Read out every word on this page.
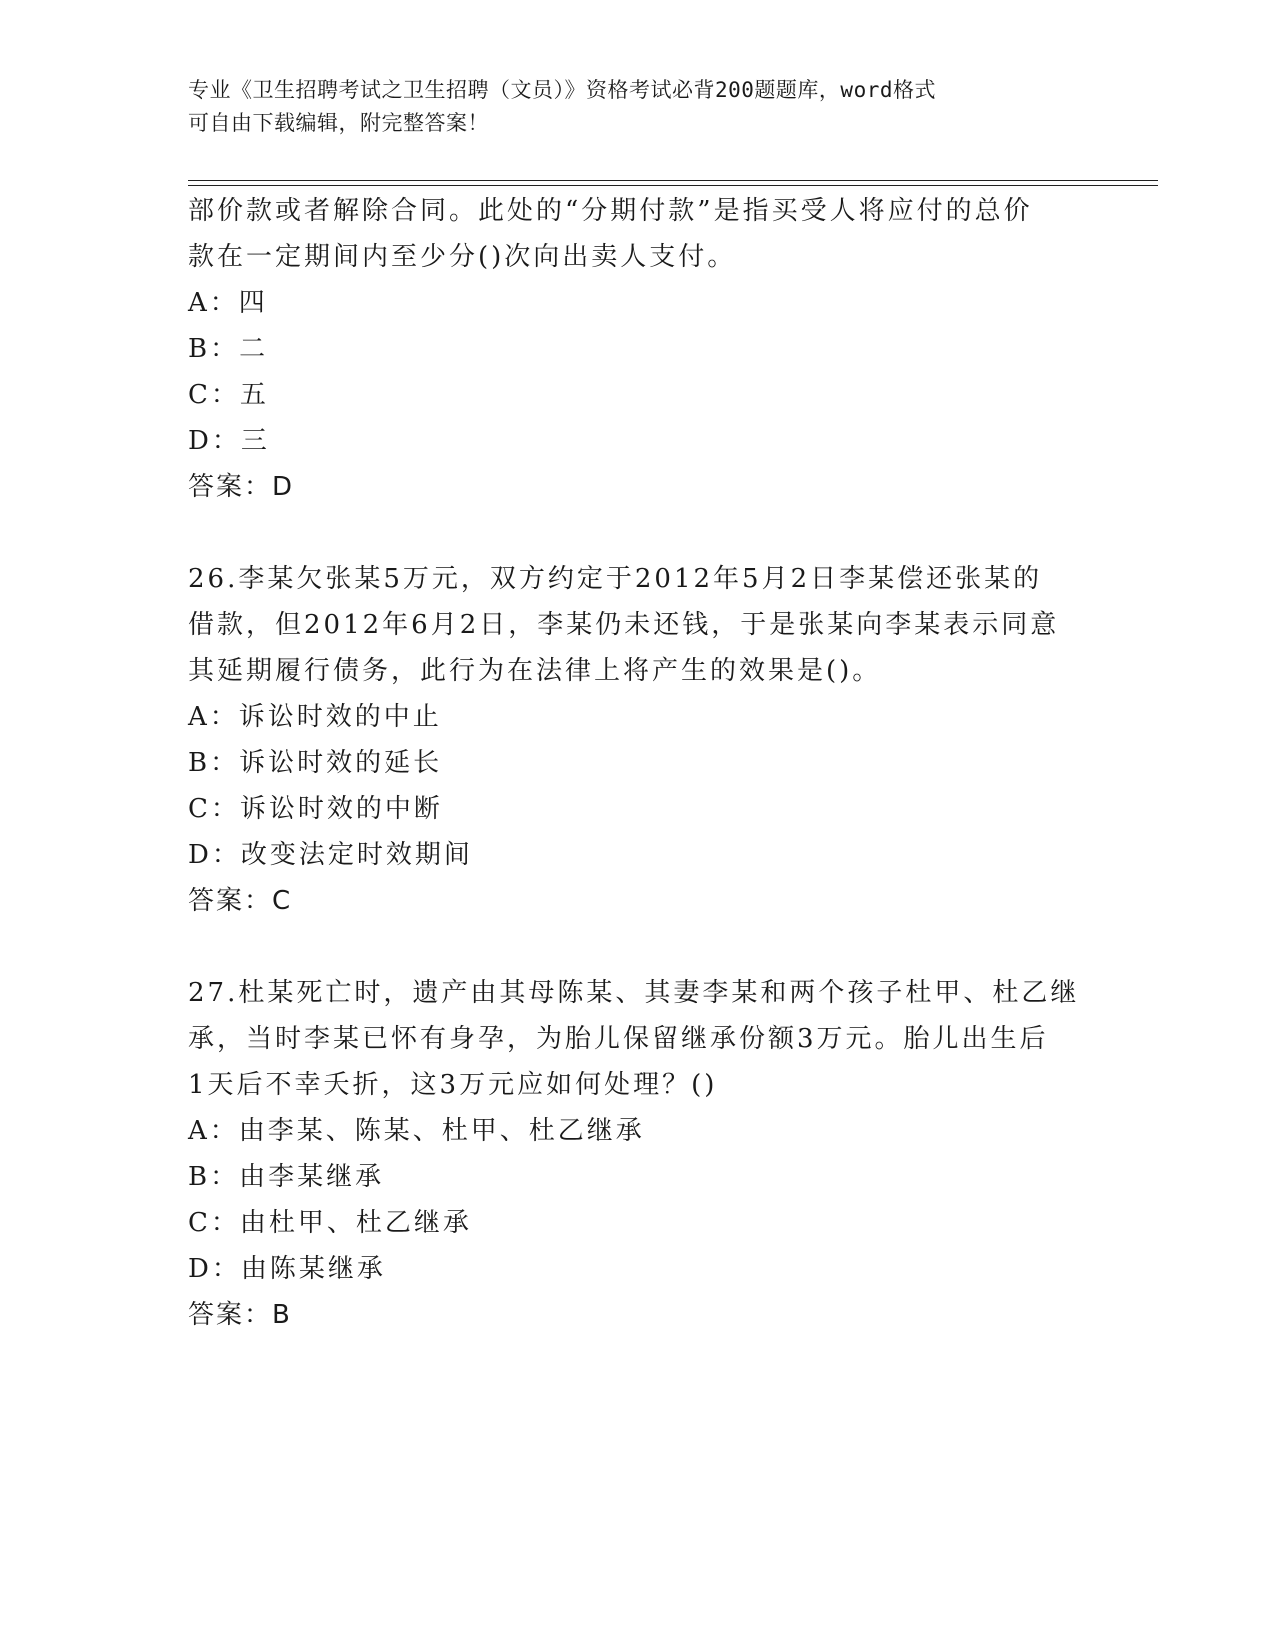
专业《卫生招聘考试之卫生招聘（文员）》资格考试必背200题题库，word格式
可自由下载编辑，附完整答案！
部价款或者解除合同。此处的“分期付款”是指买受人将应付的总价
款在一定期间内至少分()次向出卖人支付。
A：四
B：二
C：五
D：三
答案：D
26.李某欠张某5万元，双方约定于2012年5月2日李某偿还张某的
借款，但2012年6月2日，李某仍未还钱，于是张某向李某表示同意
其延期履行债务，此行为在法律上将产生的效果是()。
A：诉讼时效的中止
B：诉讼时效的延长
C：诉讼时效的中断
D：改变法定时效期间
答案：C
27.杜某死亡时，遗产由其母陈某、其妻李某和两个孩子杜甲、杜乙继
承，当时李某已怀有身孕，为胎儿保留继承份额3万元。胎儿出生后
1天后不幸夭折，这3万元应如何处理？()
A：由李某、陈某、杜甲、杜乙继承
B：由李某继承
C：由杜甲、杜乙继承
D：由陈某继承
答案：B
